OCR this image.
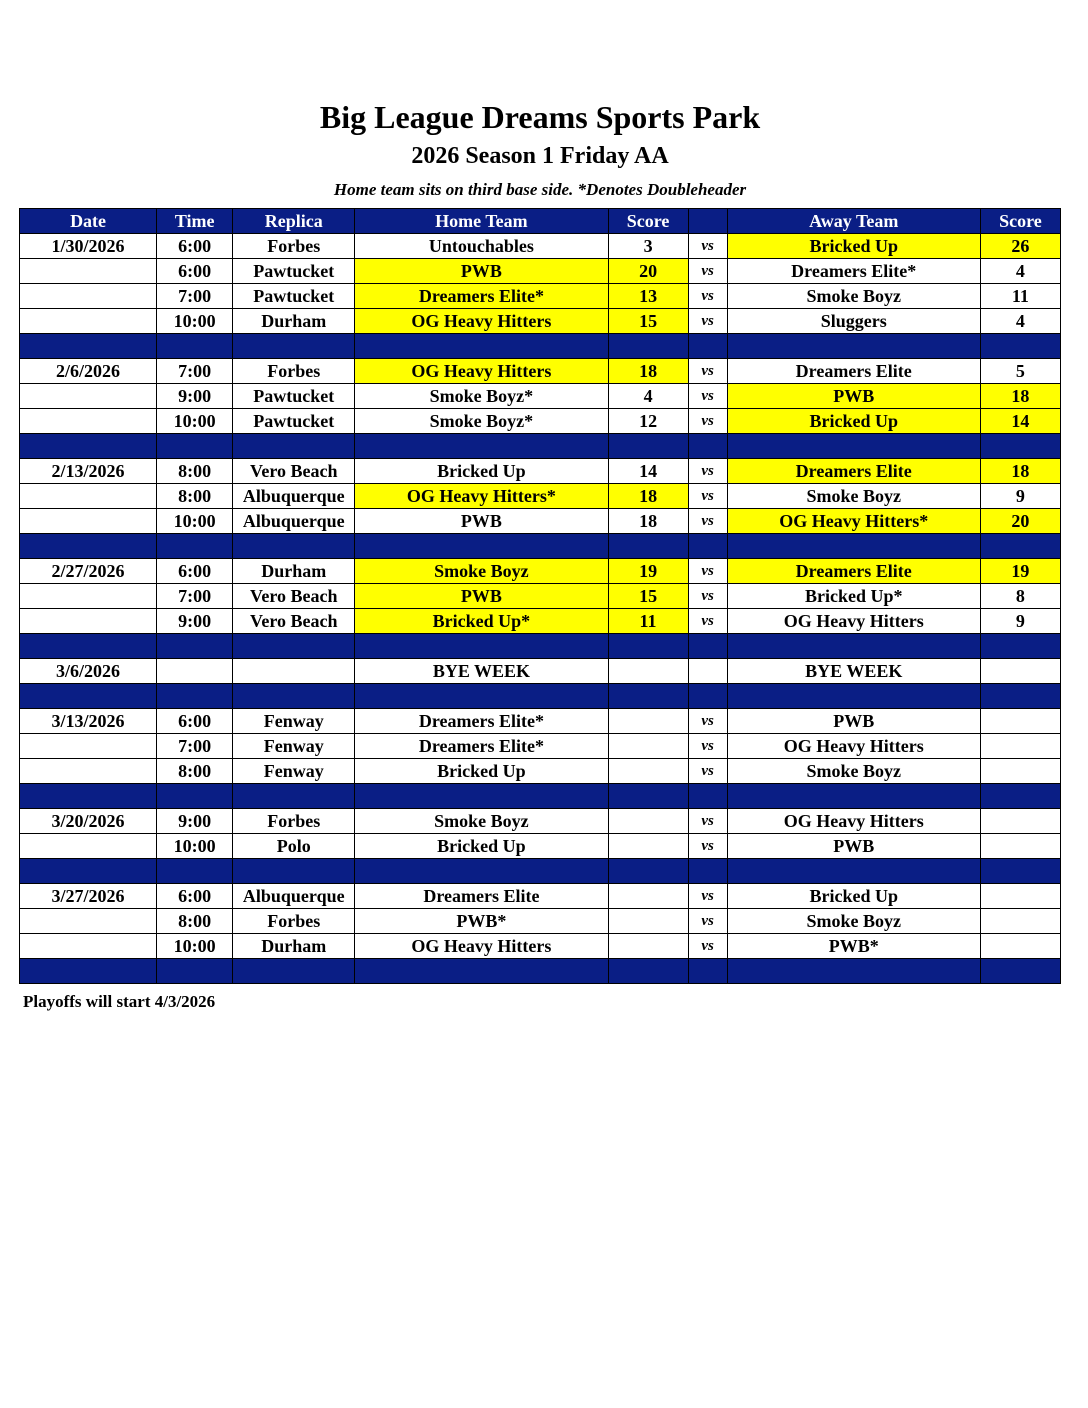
Big League Dreams Sports Park
2026 Season 1 Friday AA
Home team sits on third base side. *Denotes Doubleheader
Date	Time	Replica	Home Team	Score		Away Team	Score
1/30/2026	6:00	Forbes	Untouchables	3	vs	Bricked Up	26
	6:00	Pawtucket	PWB	20	vs	Dreamers Elite*	4
	7:00	Pawtucket	Dreamers Elite*	13	vs	Smoke Boyz	11
	10:00	Durham	OG Heavy Hitters	15	vs	Sluggers	4

2/6/2026	7:00	Forbes	OG Heavy Hitters	18	vs	Dreamers Elite	5
	9:00	Pawtucket	Smoke Boyz*	4	vs	PWB	18
	10:00	Pawtucket	Smoke Boyz*	12	vs	Bricked Up	14

2/13/2026	8:00	Vero Beach	Bricked Up	14	vs	Dreamers Elite	18
	8:00	Albuquerque	OG Heavy Hitters*	18	vs	Smoke Boyz	9
	10:00	Albuquerque	PWB	18	vs	OG Heavy Hitters*	20

2/27/2026	6:00	Durham	Smoke Boyz	19	vs	Dreamers Elite	19
	7:00	Vero Beach	PWB	15	vs	Bricked Up*	8
	9:00	Vero Beach	Bricked Up*	11	vs	OG Heavy Hitters	9

3/6/2026			BYE WEEK			BYE WEEK	

3/13/2026	6:00	Fenway	Dreamers Elite*		vs	PWB	
	7:00	Fenway	Dreamers Elite*		vs	OG Heavy Hitters	
	8:00	Fenway	Bricked Up		vs	Smoke Boyz	

3/20/2026	9:00	Forbes	Smoke Boyz		vs	OG Heavy Hitters	
	10:00	Polo	Bricked Up		vs	PWB	

3/27/2026	6:00	Albuquerque	Dreamers Elite		vs	Bricked Up	
	8:00	Forbes	PWB*		vs	Smoke Boyz	
	10:00	Durham	OG Heavy Hitters		vs	PWB*	

Playoffs will start 4/3/2026
